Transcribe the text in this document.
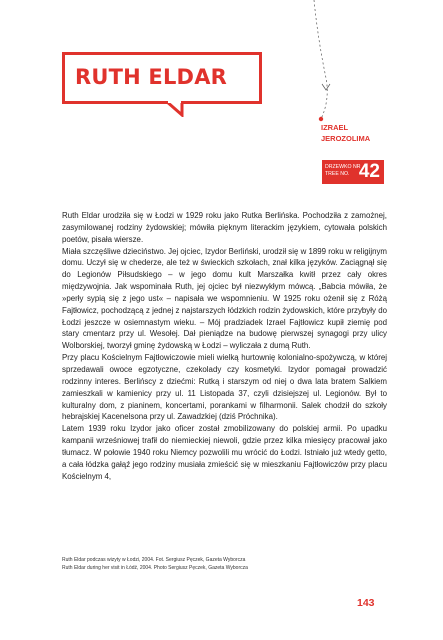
RUTH ELDAR
IZRAEL
JEROZOLIMA
DRZEWKO NR
TREE NO. 42

Ruth Eldar urodziła się w Łodzi w 1929 roku jako Rutka Berlińska. Pochodziła z zamożnej, zasymilowanej rodziny żydowskiej; mówiła pięknym literackim językiem, cytowała polskich poetów, pisała wiersze.

Miała szczęśliwe dzieciństwo. Jej ojciec, Izydor Berliński, urodził się w 1899 roku w religijnym domu. Uczył się w chederze, ale też w świeckich szkołach, znał kilka języków. Zaciągnął się do Legionów Piłsudskiego – w jego domu kult Marszałka kwitł przez cały okres międzywojnia. Jak wspominała Ruth, jej ojciec był niezwykłym mówcą. „Babcia mówiła, że »perły sypią się z jego ust« – napisała we wspomnieniu. W 1925 roku ożenił się z Różą Fajtłowicz, pochodzącą z jednej z najstarszych łódzkich rodzin żydowskich, które przybyły do Łodzi jeszcze w osiemnastym wieku. – Mój pradziadek Izrael Fajtłowicz kupił ziemię pod stary cmentarz przy ul. Wesołej. Dał pieniądze na budowę pierwszej synagogi przy ulicy Wolborskiej, tworzył gminę żydowską w Łodzi – wyliczała z dumą Ruth.

Przy placu Kościelnym Fajtłowiczowie mieli wielką hurtownię kolonialno-spożywczą, w której sprzedawali owoce egzotyczne, czekolady czy kosmetyki. Izydor pomagał prowadzić rodzinny interes. Berlińscy z dziećmi: Rutką i starszym od niej o dwa lata bratem Salkiem zamieszkali w kamienicy przy ul. 11 Listopada 37, czyli dzisiejszej ul. Legionów. Był to kulturalny dom, z pianinem, koncertami, porankami w filharmonii. Salek chodził do szkoły hebrajskiej Kacenelsona przy ul. Zawadzkiej (dziś Próchnika).

Latem 1939 roku Izydor jako oficer został zmobilizowany do polskiej armii. Po upadku kampanii wrześniowej trafił do niemieckiej niewoli, gdzie przez kilka miesięcy pracował jako tłumacz. W połowie 1940 roku Niemcy pozwolili mu wrócić do Łodzi. Istniało już wtedy getto, a cała łódzka gałąź jego rodziny musiała zmieścić się w mieszkaniu Fajtłowiczów przy placu Kościelnym 4,

Ruth Eldar podczas wizyty w Łodzi, 2004. Fot. Sergiusz Pęczek, Gazeta Wyborcza
Ruth Eldar during her visit in Łódź, 2004. Photo Sergiusz Pęczek, Gazeta Wyborcza
143
